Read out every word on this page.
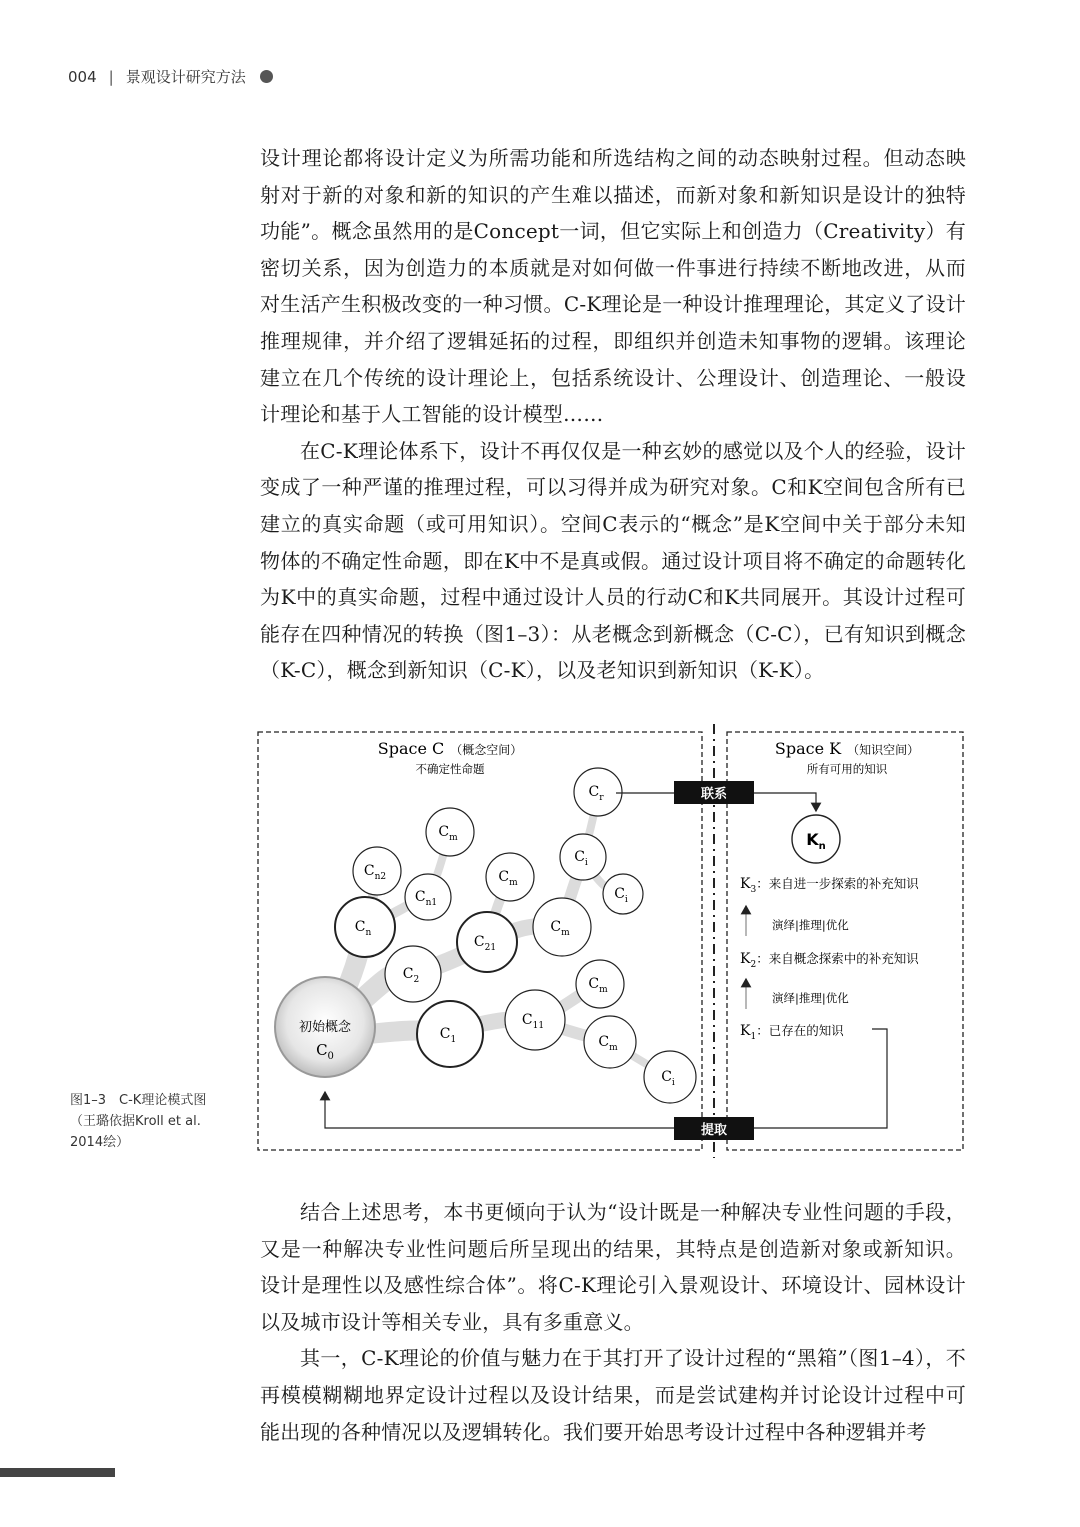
004 | 景观设计研究方法

设计理论都将设计定义为所需功能和所选结构之间的动态映射过程。但动态映射对于新的对象和新的知识的产生难以描述，而新对象和新知识是设计的独特功能”。概念虽然用的是Concept一词，但它实际上和创造力（Creativity）有密切关系，因为创造力的本质就是对如何做一件事进行持续不断地改进，从而对生活产生积极改变的一种习惯。C-K理论是一种设计推理理论，其定义了设计推理规律，并介绍了逻辑延拓的过程，即组织并创造未知事物的逻辑。该理论建立在几个传统的设计理论上，包括系统设计、公理设计、创造理论、一般设计理论和基于人工智能的设计模型……

在C-K理论体系下，设计不再仅仅是一种玄妙的感觉以及个人的经验，设计变成了一种严谨的推理过程，可以习得并成为研究对象。C和K空间包含所有已建立的真实命题（或可用知识）。空间C表示的“概念”是K空间中关于部分未知物体的不确定性命题，即在K中不是真或假。通过设计项目将不确定的命题转化为K中的真实命题，过程中通过设计人员的行动C和K共同展开。其设计过程可能存在四种情况的转换（图1–3）：从老概念到新概念（C-C），已有知识到概念（K-C），概念到新知识（C-K），以及老知识到新知识（K-K）。

图1–3　C-K理论模式图
（王璐依据Kroll et al.
2014绘）
初始概念
$C_0$
$C_{n2}$
$C_m$
$C_{n1}$
$C_m$
$C_r$
$C_i$
$C_i$
$C_n$
$C_{21}$
$C_m$
$C_2$	$C_m$
$C_{11}$
$C_1$	$C_m$
$C_i$
Space C （概念空间）
不确定性命题
Space K （知识空间）
所有可用的知识
联系
$K_n$
$K_3$：来自进一步探索的补充知识
演绎|推理|优化
$K_2$：来自概念探索中的补充知识
演绎|推理|优化
$K_1$：已存在的知识
提取

结合上述思考，本书更倾向于认为“设计既是一种解决专业性问题的手段，又是一种解决专业性问题后所呈现出的结果，其特点是创造新对象或新知识。设计是理性以及感性综合体”。将C-K理论引入景观设计、环境设计、园林设计以及城市设计等相关专业，具有多重意义。

其一，C-K理论的价值与魅力在于其打开了设计过程的“黑箱”（图1–4），不再模模糊糊地界定设计过程以及设计结果，而是尝试建构并讨论设计过程中可能出现的各种情况以及逻辑转化。我们要开始思考设计过程中各种逻辑并考
